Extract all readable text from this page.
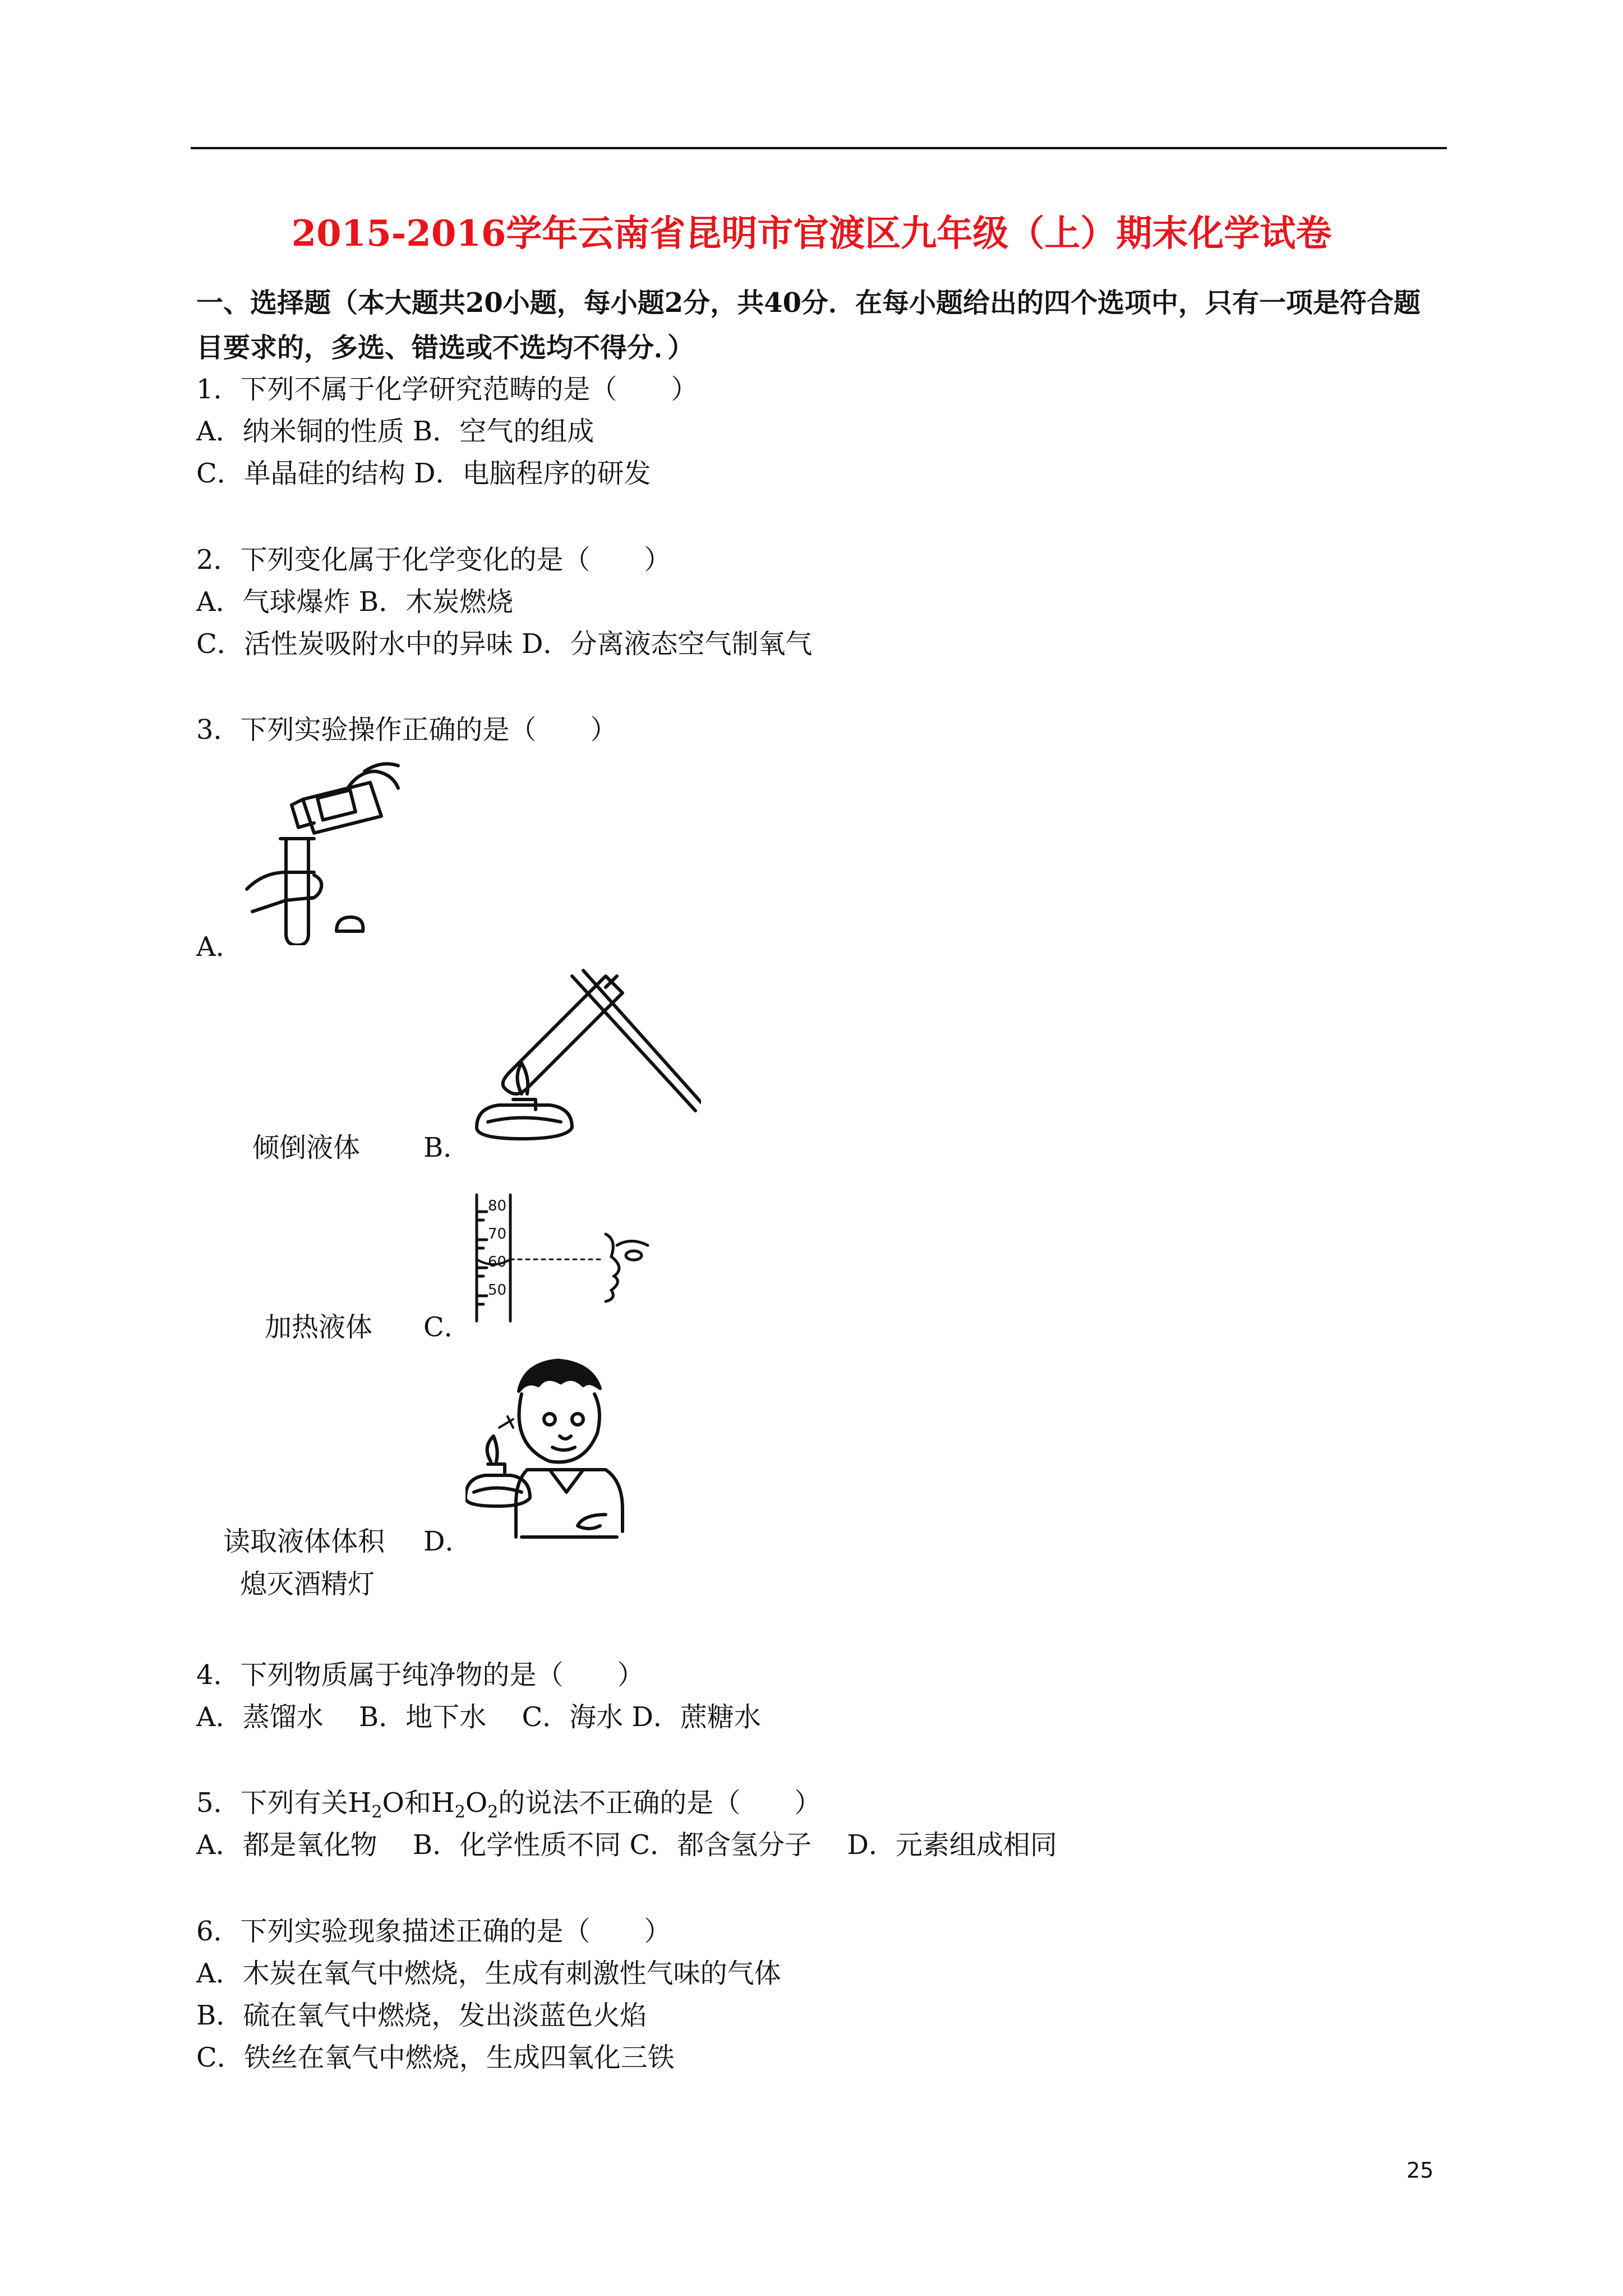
2015-2016学年云南省昆明市官渡区九年级（上）期末化学试卷
一、选择题（本大题共20小题，每小题2分，共40分．在每小题给出的四个选项中，只有一项是符合题目要求的，多选、错选或不选均不得分．）
1．下列不属于化学研究范畴的是（　　）
A．纳米铜的性质 B．空气的组成
C．单晶硅的结构 D．电脑程序的研发
2．下列变化属于化学变化的是（　　）
A．气球爆炸 B．木炭燃烧
C．活性炭吸附水中的异味 D．分离液态空气制氧气
3．下列实验操作正确的是（　　）
A．
倾倒液体 B．
80
70
60
50
加热液体 C．
读取液体体积 D．
熄灭酒精灯
4．下列物质属于纯净物的是（　　）
A．蒸馏水　 B．地下水　 C．海水 D．蔗糖水
5．下列有关$H_2O$和$H_2O_2$的说法不正确的是（　　）
A．都是氧化物　 B．化学性质不同 C．都含氢分子　 D．元素组成相同
6．下列实验现象描述正确的是（　　）
A．木炭在氧气中燃烧，生成有刺激性气味的气体
B．硫在氧气中燃烧，发出淡蓝色火焰
C．铁丝在氧气中燃烧，生成四氧化三铁
25
